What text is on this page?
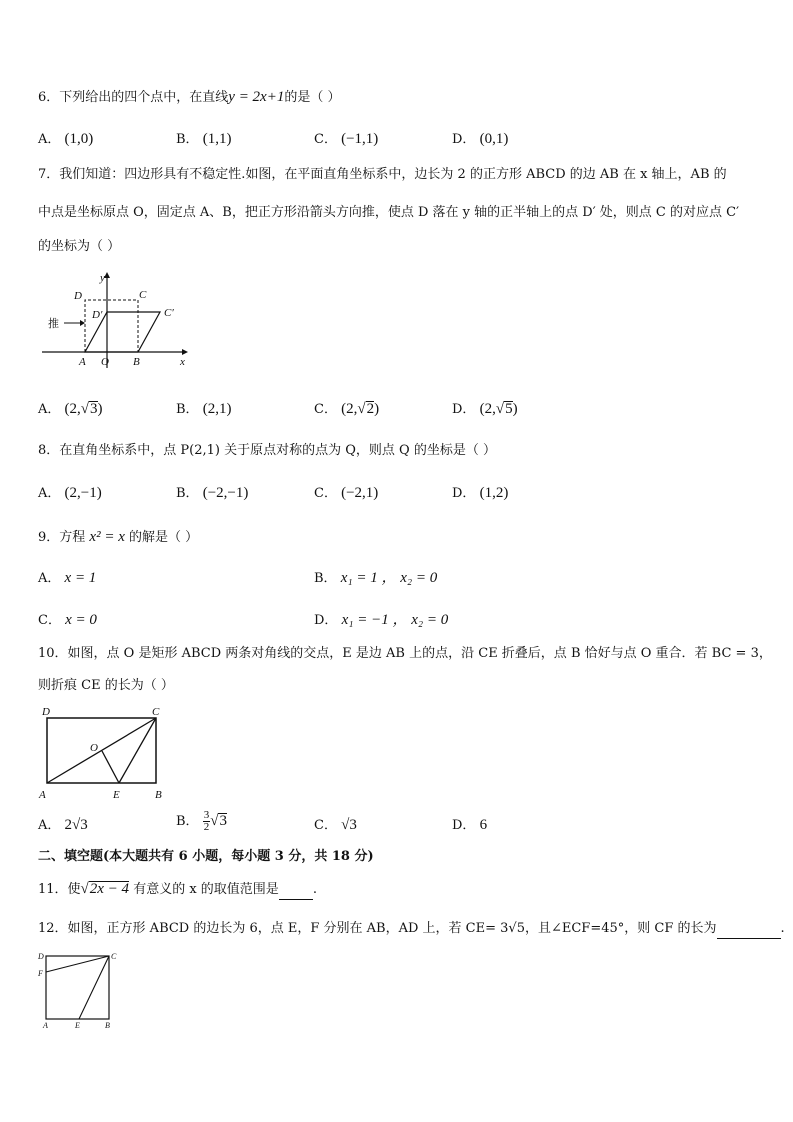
6．下列给出的四个点中，在直线y = 2x+1的是（ ）
A． (1,0)	B． (1,1)	C． (−1,1)	D． (0,1)
7．我们知道：四边形具有不稳定性.如图，在平面直角坐标系中，边长为 2 的正方形 ABCD 的边 AB 在 x 轴上，AB 的
中点是坐标原点 O，固定点 A、B，把正方形沿箭头方向推，使点 D 落在 y 轴的正半轴上的点 D′ 处，则点 C 的对应点 C′
的坐标为（ ）
y
x
D	C
D′	C′
推
A O B
A． (2,√3)	B． (2,1)	C． (2,√2)	D． (2,√5)
8．在直角坐标系中，点 P(2,1) 关于原点对称的点为 Q，则点 Q 的坐标是（ ）
A． (2,−1)	B． (−2,−1)	C． (−2,1)	D． (1,2)
9．方程 x² = x 的解是（ ）
A． x = 1	B． x₁ = 1 ， x₂ = 0
C． x = 0	D． x₁ = −1 ， x₂ = 0
10．如图，点 O 是矩形 ABCD 两条对角线的交点，E 是边 AB 上的点，沿 CE 折叠后，点 B 恰好与点 O 重合．若 BC = 3，
则折痕 CE 的长为（ ）
D	C
O
A	E	B
A． 2√3	B． $\frac{3}{2} √3$	C． √3	D． 6
二、填空题(本大题共有 6 小题，每小题 3 分，共 18 分)
11．使√2x − 4 有意义的 x 的取值范围是	.
12．如图，正方形 ABCD 的边长为 6，点 E，F 分别在 AB，AD 上，若 CE= 3√5，且∠ECF=45°，则 CF 的长为	.
D	C
F
A	E	B
